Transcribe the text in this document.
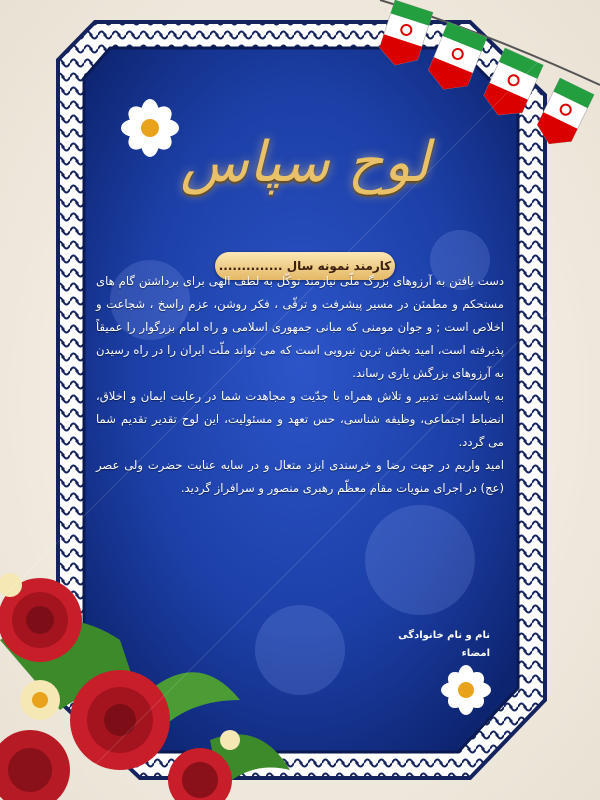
لوح سپاس
کارمند نمونه سال ..............

دست یافتن به آرزوهای بزرگ ملّی نیازمند توکّل به لطف الهی برای برداشتن گام های مستحکم و مطمئن در مسیر پیشرفت و ترقّی ، فکر روشن، عزم راسخ ، شجاعت و اخلاص است ; و جوان مومنی که مبانی جمهوری اسلامی و راه امام بزرگوار را عمیقاً پذیرفته است، امید بخش ترین نیرویی است که می تواند ملّت ایران را در راه رسیدن به آرزوهای بزرگش یاری رساند.

به پاسداشت تدبیر و تلاش همراه با جدّیت و مجاهدت شما در رعایت ایمان و اخلاق، انضباط اجتماعی، وظیفه شناسی، حس تعهد و مسئولیت، این لوح تقدیر تقدیم شما می گردد.

امید واریم در جهت رضا و خرسندی ایزد متعال و در سایه عنایت حضرت ولی عصر (عج) در اجرای منویات مقام معظّم رهبری منصور و سرافراز گردید.

نام و نام خانوادگی
امضاء
